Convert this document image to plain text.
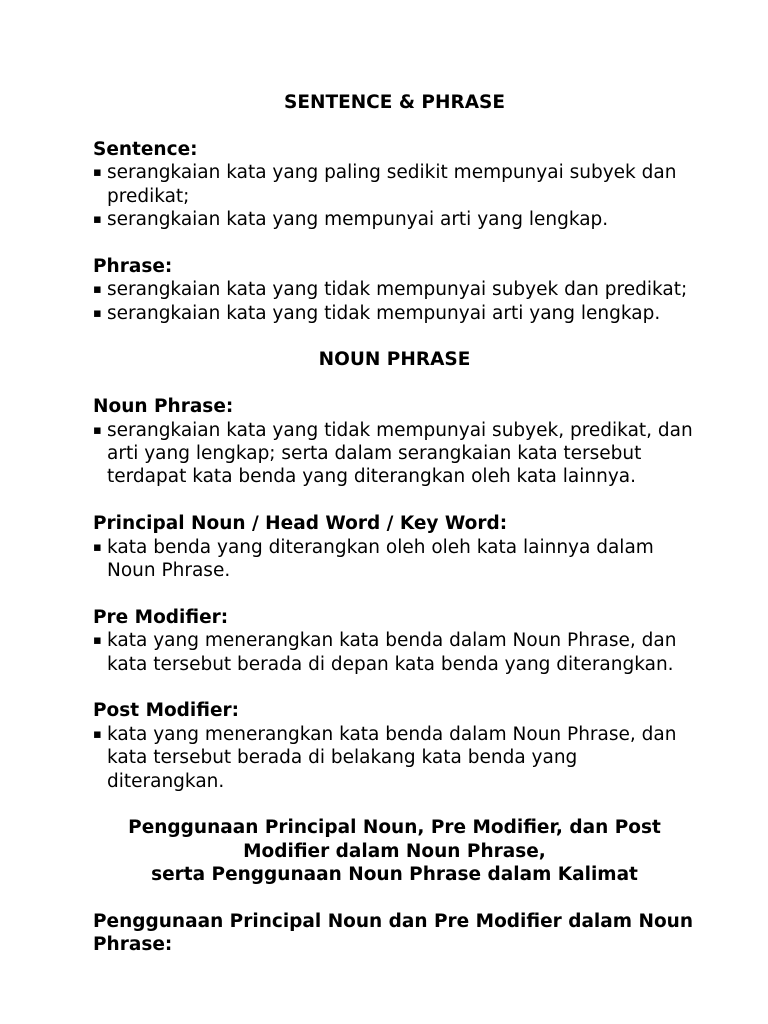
SENTENCE & PHRASE

Sentence:
▪ serangkaian kata yang paling sedikit mempunyai subyek dan predikat;
▪ serangkaian kata yang mempunyai arti yang lengkap.
Phrase:
▪ serangkaian kata yang tidak mempunyai subyek dan predikat;
▪ serangkaian kata yang tidak mempunyai arti yang lengkap.

NOUN PHRASE

Noun Phrase:
▪ serangkaian kata yang tidak mempunyai subyek, predikat, dan arti yang lengkap; serta dalam serangkaian kata tersebut terdapat kata benda yang diterangkan oleh kata lainnya.
Principal Noun / Head Word / Key Word:
▪ kata benda yang diterangkan oleh oleh kata lainnya dalam Noun Phrase.
Pre Modifier:
▪ kata yang menerangkan kata benda dalam Noun Phrase, dan kata tersebut berada di depan kata benda yang diterangkan.
Post Modifier:
▪ kata yang menerangkan kata benda dalam Noun Phrase, dan kata tersebut berada di belakang kata benda yang diterangkan.

Penggunaan Principal Noun, Pre Modifier, dan Post Modifier dalam Noun Phrase,
serta Penggunaan Noun Phrase dalam Kalimat

Penggunaan Principal Noun dan Pre Modifier dalam Noun Phrase:
